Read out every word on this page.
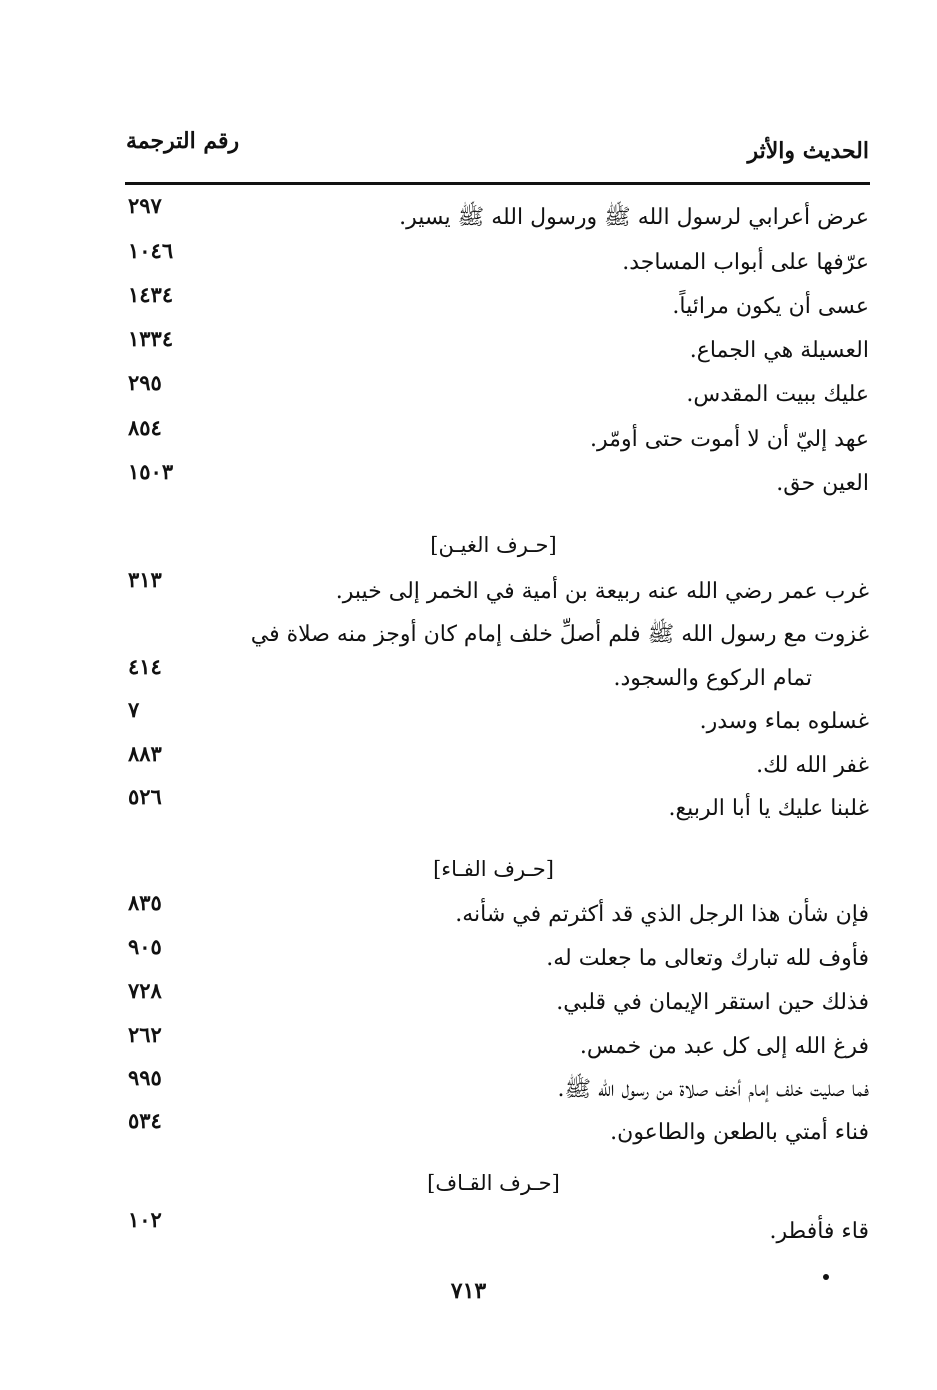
الحديث والأثر
رقم الترجمة
عرض أعرابي لرسول الله ﷺ ورسول الله ﷺ يسير.
٢٩٧
عرّفها على أبواب المساجد.
١٠٤٦
عسى أن يكون مرائياً.
١٤٣٤
العسيلة هي الجماع.
١٣٣٤
عليك ببيت المقدس.
٢٩٥
عهد إليّ أن لا أموت حتى أومّر.
٨٥٤
العين حق.
١٥٠٣
[حـرف الغيـن]
غرب عمر رضي الله عنه ربيعة بن أمية في الخمر إلى خيبر.
٣١٣
غزوت مع رسول الله ﷺ فلم أصلِّ خلف إمام كان أوجز منه صلاة في
تمام الركوع والسجود.
٤١٤
غسلوه بماء وسدر.
٧
غفر الله لك.
٨٨٣
غلبنا عليك يا أبا الربيع.
٥٢٦
[حـرف الفـاء]
فإن شأن هذا الرجل الذي قد أكثرتم في شأنه.
٨٣٥
فأوف لله تبارك وتعالى ما جعلت له.
٩٠٥
فذلك حين استقر الإيمان في قلبي.
٧٢٨
فرغ الله إلى كل عبد من خمس.
٢٦٢
فما صليت خلف إمام أخف صلاة من رسول الله ﷺ.
٩٩٥
فناء أمتي بالطعن والطاعون.
٥٣٤
[حـرف القـاف]
قاء فأفطر.
١٠٢
٧١٣
